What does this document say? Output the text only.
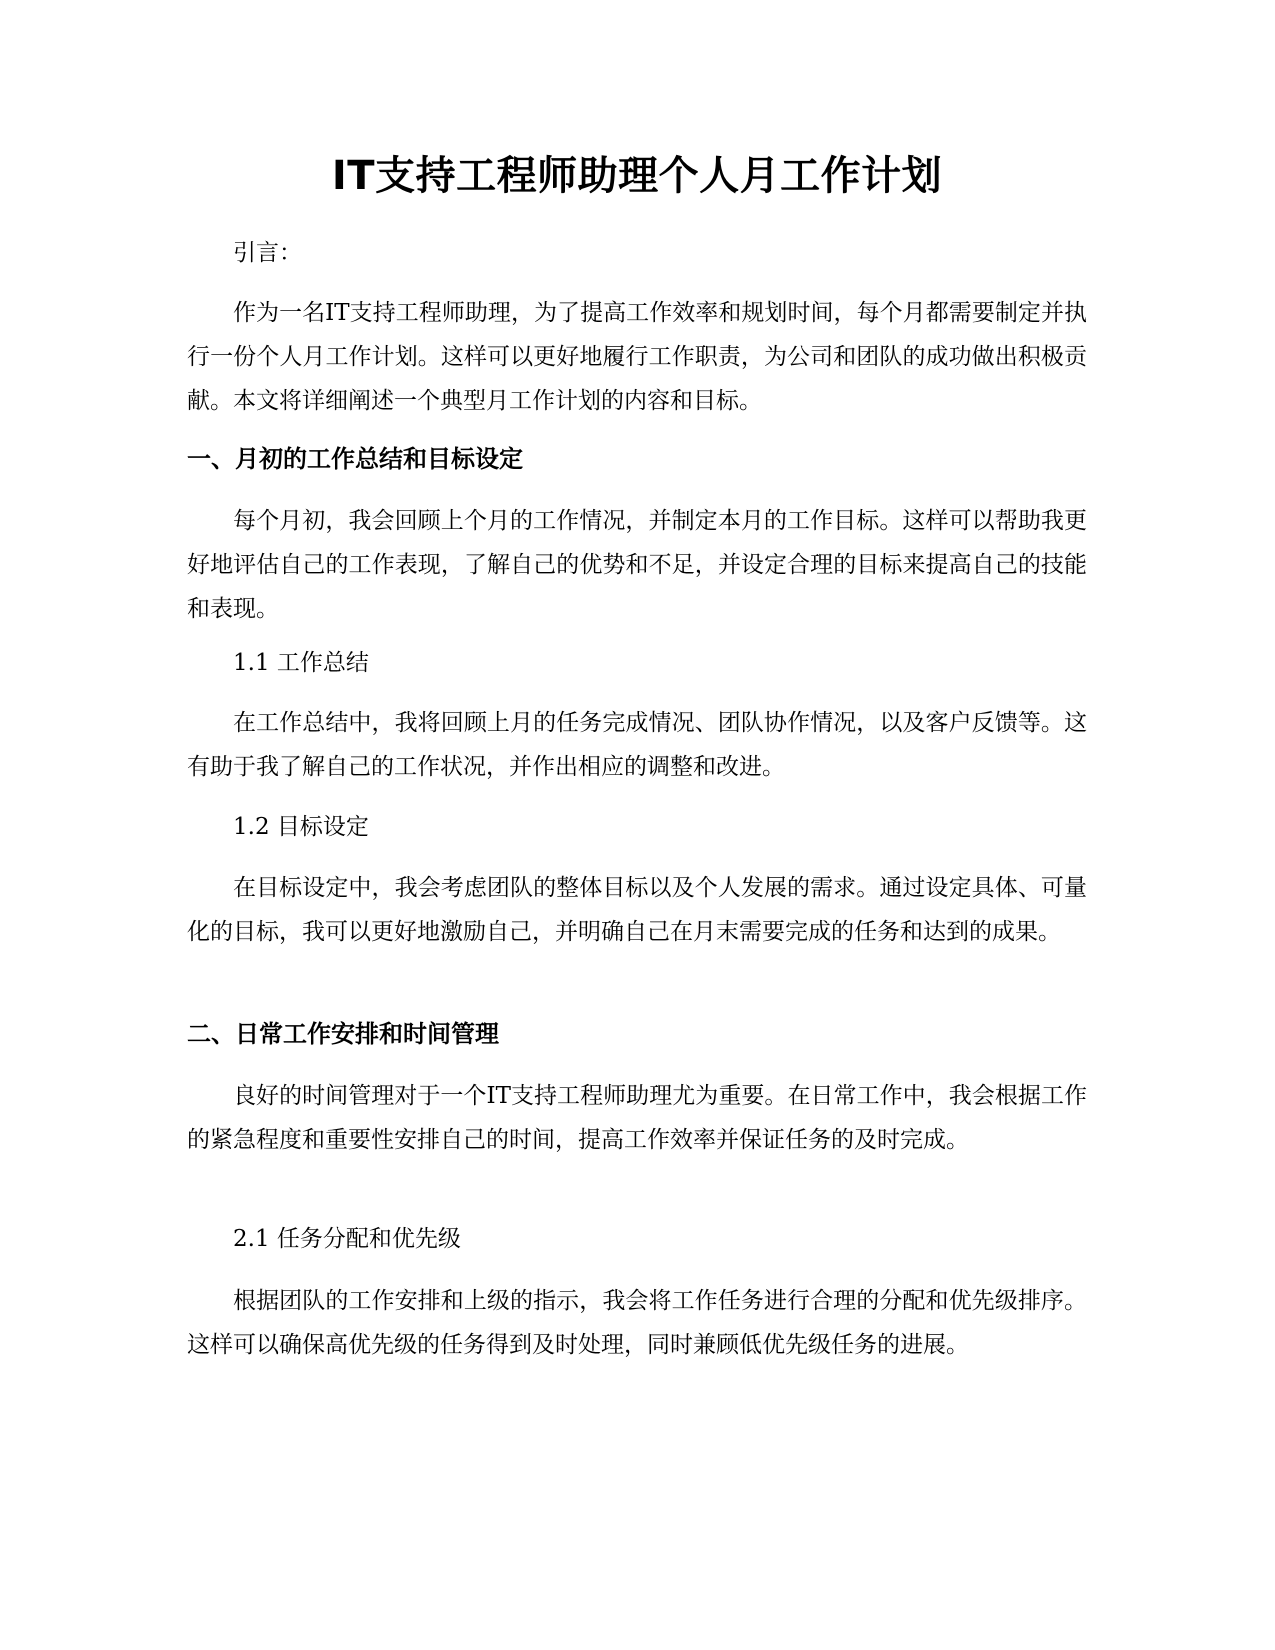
IT支持工程师助理个人月工作计划

引言：

作为一名IT支持工程师助理，为了提高工作效率和规划时间，每个月都需要制定并执行一份个人月工作计划。这样可以更好地履行工作职责，为公司和团队的成功做出积极贡献。本文将详细阐述一个典型月工作计划的内容和目标。

一、月初的工作总结和目标设定

每个月初，我会回顾上个月的工作情况，并制定本月的工作目标。这样可以帮助我更好地评估自己的工作表现，了解自己的优势和不足，并设定合理的目标来提高自己的技能和表现。

1.1 工作总结

在工作总结中，我将回顾上月的任务完成情况、团队协作情况，以及客户反馈等。这有助于我了解自己的工作状况，并作出相应的调整和改进。

1.2 目标设定

在目标设定中，我会考虑团队的整体目标以及个人发展的需求。通过设定具体、可量化的目标，我可以更好地激励自己，并明确自己在月末需要完成的任务和达到的成果。

二、日常工作安排和时间管理

良好的时间管理对于一个IT支持工程师助理尤为重要。在日常工作中，我会根据工作的紧急程度和重要性安排自己的时间，提高工作效率并保证任务的及时完成。

2.1 任务分配和优先级

根据团队的工作安排和上级的指示，我会将工作任务进行合理的分配和优先级排序。这样可以确保高优先级的任务得到及时处理，同时兼顾低优先级任务的进展。
